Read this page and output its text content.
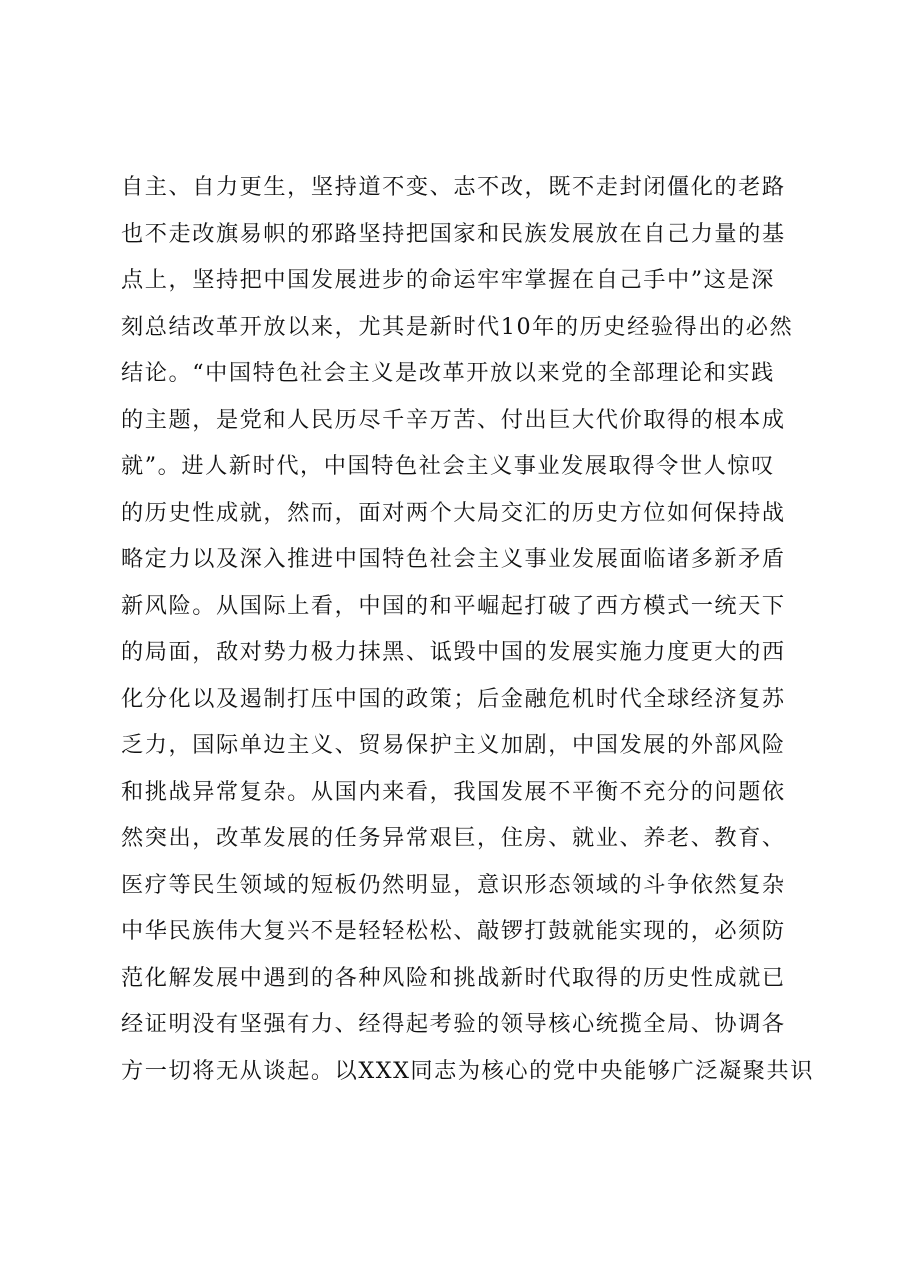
自主、自力更生，坚持道不变、志不改，既不走封闭僵化的老路
也不走改旗易帜的邪路坚持把国家和民族发展放在自己力量的基
点上，坚持把中国发展进步的命运牢牢掌握在自己手中”这是深
刻总结改革开放以来，尤其是新时代10年的历史经验得出的必然
结论。“中国特色社会主义是改革开放以来党的全部理论和实践
的主题，是党和人民历尽千辛万苦、付出巨大代价取得的根本成
就”。进人新时代，中国特色社会主义事业发展取得令世人惊叹
的历史性成就，然而，面对两个大局交汇的历史方位如何保持战
略定力以及深入推进中国特色社会主义事业发展面临诸多新矛盾
新风险。从国际上看，中国的和平崛起打破了西方模式一统天下
的局面，敌对势力极力抹黑、诋毁中国的发展实施力度更大的西
化分化以及遏制打压中国的政策；后金融危机时代全球经济复苏
乏力，国际单边主义、贸易保护主义加剧，中国发展的外部风险
和挑战异常复杂。从国内来看，我国发展不平衡不充分的问题依
然突出，改革发展的任务异常艰巨，住房、就业、养老、教育、
医疗等民生领域的短板仍然明显，意识形态领域的斗争依然复杂
中华民族伟大复兴不是轻轻松松、敲锣打鼓就能实现的，必须防
范化解发展中遇到的各种风险和挑战新时代取得的历史性成就已
经证明没有坚强有力、经得起考验的领导核心统揽全局、协调各
方一切将无从谈起。以XXX同志为核心的党中央能够广泛凝聚共识
